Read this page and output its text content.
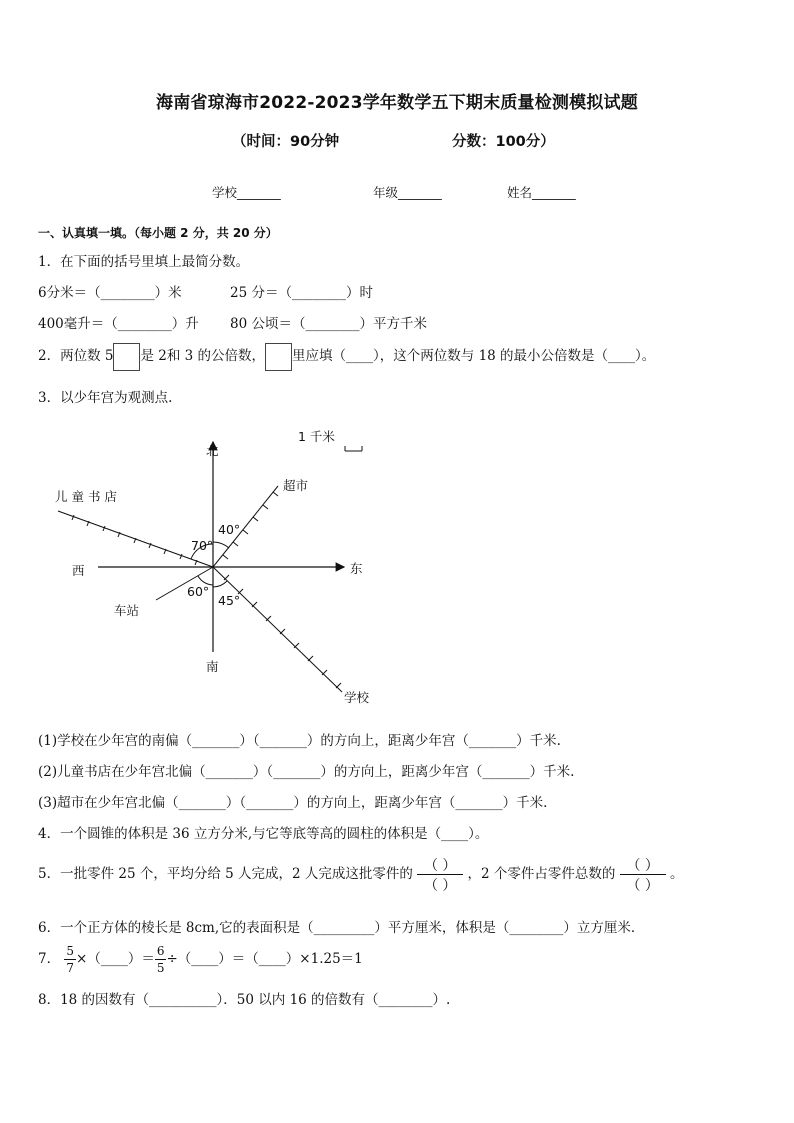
海南省琼海市2022-2023学年数学五下期末质量检测模拟试题
（时间：90分钟	分数：100分）
学校_______	年级_______	姓名_______
一、认真填一填。（每小题 2 分，共 20 分）
1．在下面的括号里填上最简分数。
6分米＝（________）米	25 分＝（________）时
400毫升＝（________）升 80 公顷＝（________）平方千米
2．两位数 5 是 2和 3 的公倍数， 里应填（____），这个两位数与 18 的最小公倍数是（____）。
3．以少年宫为观测点.
1 千米
北
南
东
西
超市
儿 童 书 店
车站
学校
40°
70°
60°
45°
(1)学校在少年宫的南偏（_______）（_______）的方向上，距离少年宫（_______）千米.
(2)儿童书店在少年宫北偏（_______）（_______）的方向上，距离少年宫（_______）千米.
(3)超市在少年宫北偏（_______）（_______）的方向上，距离少年宫（_______）千米.
4．一个圆锥的体积是 36 立方分米,与它等底等高的圆柱的体积是（____）。
5．一批零件 25 个，平均分给 5 人完成，2 人完成这批零件的 （ ）
（ ）
，2 个零件占零件总数的 （ ）
（ ）
。
6．一个正方体的棱长是 8cm,它的表面积是（_________）平方厘米，体积是（________）立方厘米．
7． $\frac{5}{7}$ ×（____）＝ $\frac{6}{5}$ ÷（____）＝（____）×1.25＝1
8．18 的因数有（__________）．50 以内 16 的倍数有（________）.
